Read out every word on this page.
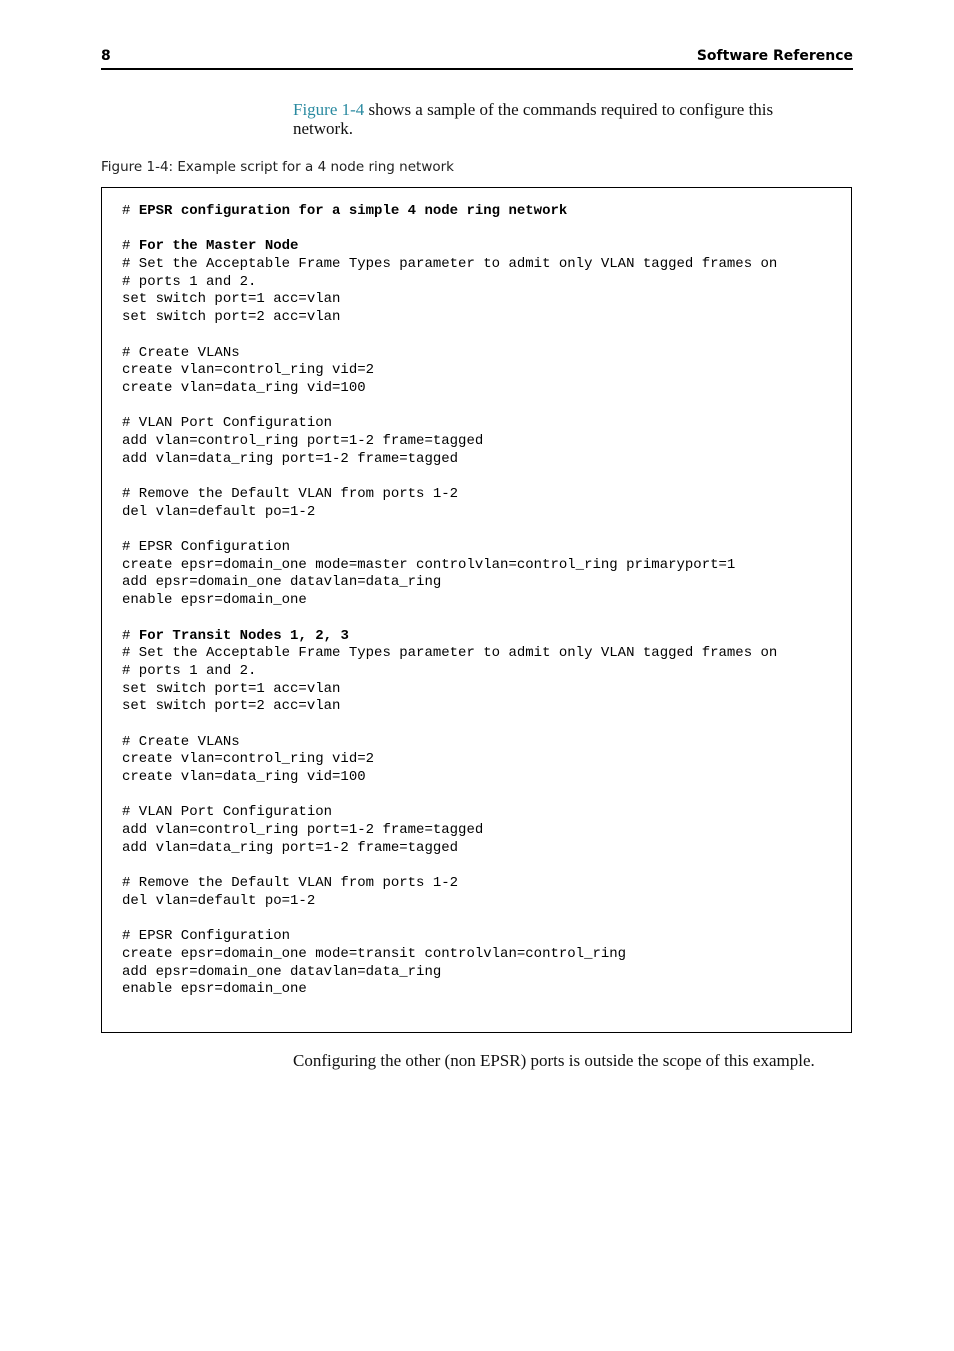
8	Software Reference
Figure 1-4 shows a sample of the commands required to configure this network.
Figure 1-4: Example script for a 4 node ring network
# EPSR configuration for a simple 4 node ring network
# For the Master Node
# Set the Acceptable Frame Types parameter to admit only VLAN tagged frames on
# ports 1 and 2.
set switch port=1 acc=vlan
set switch port=2 acc=vlan
# Create VLANs
create vlan=control_ring vid=2
create vlan=data_ring vid=100
# VLAN Port Configuration
add vlan=control_ring port=1-2 frame=tagged
add vlan=data_ring port=1-2 frame=tagged
# Remove the Default VLAN from ports 1-2
del vlan=default po=1-2
# EPSR Configuration
create epsr=domain_one mode=master controlvlan=control_ring primaryport=1
add epsr=domain_one datavlan=data_ring
enable epsr=domain_one
# For Transit Nodes 1, 2, 3
# Set the Acceptable Frame Types parameter to admit only VLAN tagged frames on
# ports 1 and 2.
set switch port=1 acc=vlan
set switch port=2 acc=vlan
# Create VLANs
create vlan=control_ring vid=2
create vlan=data_ring vid=100
# VLAN Port Configuration
add vlan=control_ring port=1-2 frame=tagged
add vlan=data_ring port=1-2 frame=tagged
# Remove the Default VLAN from ports 1-2
del vlan=default po=1-2
# EPSR Configuration
create epsr=domain_one mode=transit controlvlan=control_ring
add epsr=domain_one datavlan=data_ring
enable epsr=domain_one
Configuring the other (non EPSR) ports is outside the scope of this example.
